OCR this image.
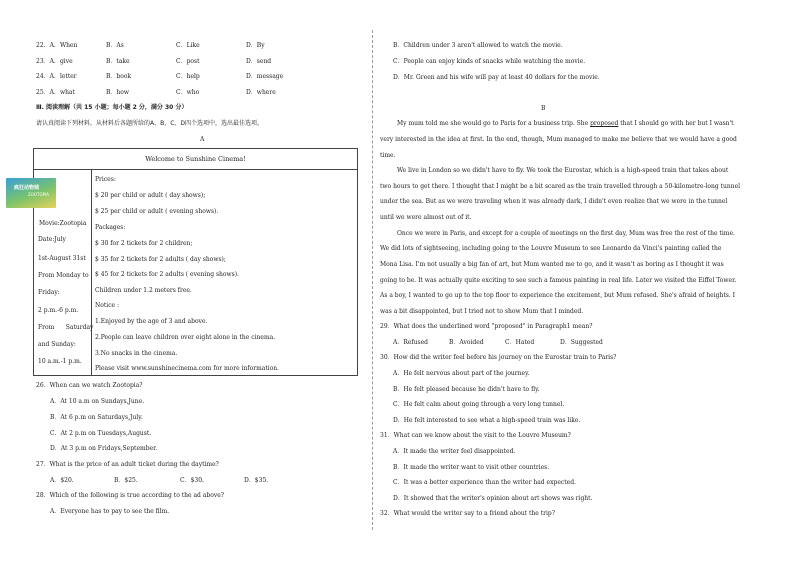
22．A．When	B．As	C．Like	D．By
23．A．give	B．take	C．post	D．send
24．A．letter	B．book	C．help	D．message
25．A．what	B．how	C．who	D．where
Ⅲ. 阅读理解（共 15 小题；每小题 2 分，满分 30 分）
请认真阅读下列材料，从材料后各题所给的A、B、C、D四个选项中，选出最佳选项。
A
Welcome to Sunshine Cinema!
疯狂动物城
ZOOTOPIA
Movie:Zootopia
Date:July
1st-August 31st
From Monday to
Friday:
2 p.m.-6 p.m.
From      Saturday
and Sunday:
10 a.m.-1 p.m.
Prices:
$ 20 per child or adult ( day shows);
$ 25 per child or adult ( evening shows).
Packages:
$ 30 for 2 tickets for 2 children;
$ 35 for 2 tickets for 2 adults ( day shows);
$ 45 for 2 tickets for 2 adults ( evening shows).
Children under 1.2 meters free.
Notice :
1.Enjoyed by the age of 3 and above.
2.People can leave children over eight alone in the cinema.
3.No snacks in the cinema.
Please visit www.sunshinecinema.com for more information.
26．When can we watch Zootopia?
A．At 10 a.m on Sundays,June.
B．At 6 p.m on Saturdays,July.
C．At 2 p.m on Tuesdays,August.
D．At 3 p.m on Fridays,September.
27．What is the price of an adult ticket during the daytime?
A．$20.	B．$25.	C．$30.	D．$35.
28．Which of the following is true according to the ad above?
A．Everyone has to pay to see the film.
B．Children under 3 aren't allowed to watch the movie.
C．People can enjoy kinds of snacks while watching the movie.
D．Mr. Green and his wife will pay at least 40 dollars for the movie.
B
My mum told me she would go to Paris for a business trip. She proposed that I should go with her but I wasn't
very interested in the idea at first. In the end, though, Mum managed to make me believe that we would have a good
time.
We live in London so we didn't have to fly. We took the Eurostar, which is a high-speed train that takes about
two hours to get there. I thought that I might be a bit scared as the train travelled through a 50-kilometre-long tunnel
under the sea. But as we were traveling when it was already dark, I didn't even realize that we were in the tunnel
until we were almost out of it.
Once we were in Paris, and except for a couple of meetings on the first day, Mum was free the rest of the time.
We did lots of sightseeing, including going to the Louvre Museum to see Leonardo da Vinci's painting called the
Mona Lisa. I'm not usually a big fan of art, but Mum wanted me to go, and it wasn't as boring as I thought it was
going to be. It was actually quite exciting to see such a famous painting in real life. Later we visited the Eiffel Tower.
As a boy, I wanted to go up to the top floor to experience the excitement, but Mum refused. She's afraid of heights. I
was a bit disappointed, but I tried not to show Mum that I minded.
29．What does the underlined word "proposed" in Paragraph1 mean?
A．Refused	B．Avoided	C．Hated	D．Suggested
30．How did the writer feel before his journey on the Eurostar train to Paris?
A．He felt nervous about part of the journey.
B．He felt pleased because he didn't have to fly.
C．He felt calm about going through a very long tunnel.
D．He felt interested to see what a high-speed train was like.
31．What can we know about the visit to the Louvre Museum?
A．It made the writer feel disappointed.
B．It made the writer want to visit other countries.
C．It was a better experience than the writer had expected.
D．It showed that the writer's opinion about art shows was right.
32．What would the writer say to a friend about the trip?
